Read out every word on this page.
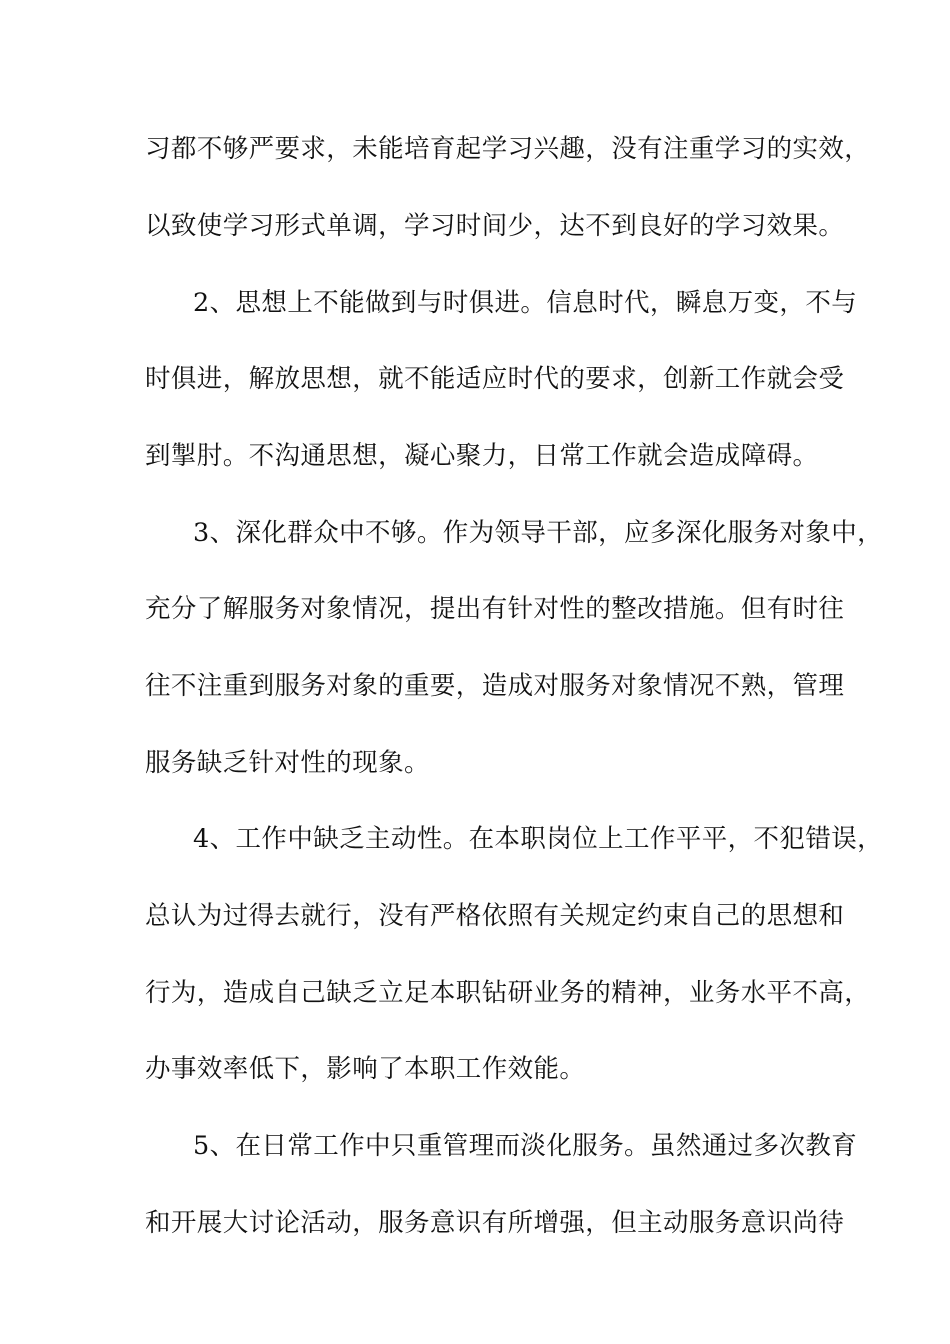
习都不够严要求，未能培育起学习兴趣，没有注重学习的实效，
以致使学习形式单调，学习时间少，达不到良好的学习效果。
2、思想上不能做到与时俱进。信息时代，瞬息万变，不与
时俱进，解放思想，就不能适应时代的要求，创新工作就会受
到掣肘。不沟通思想，凝心聚力，日常工作就会造成障碍。
3、深化群众中不够。作为领导干部，应多深化服务对象中，
充分了解服务对象情况，提出有针对性的整改措施。但有时往
往不注重到服务对象的重要，造成对服务对象情况不熟，管理
服务缺乏针对性的现象。
4、工作中缺乏主动性。在本职岗位上工作平平，不犯错误，
总认为过得去就行，没有严格依照有关规定约束自己的思想和
行为，造成自己缺乏立足本职钻研业务的精神，业务水平不高，
办事效率低下，影响了本职工作效能。
5、在日常工作中只重管理而淡化服务。虽然通过多次教育
和开展大讨论活动，服务意识有所增强，但主动服务意识尚待
